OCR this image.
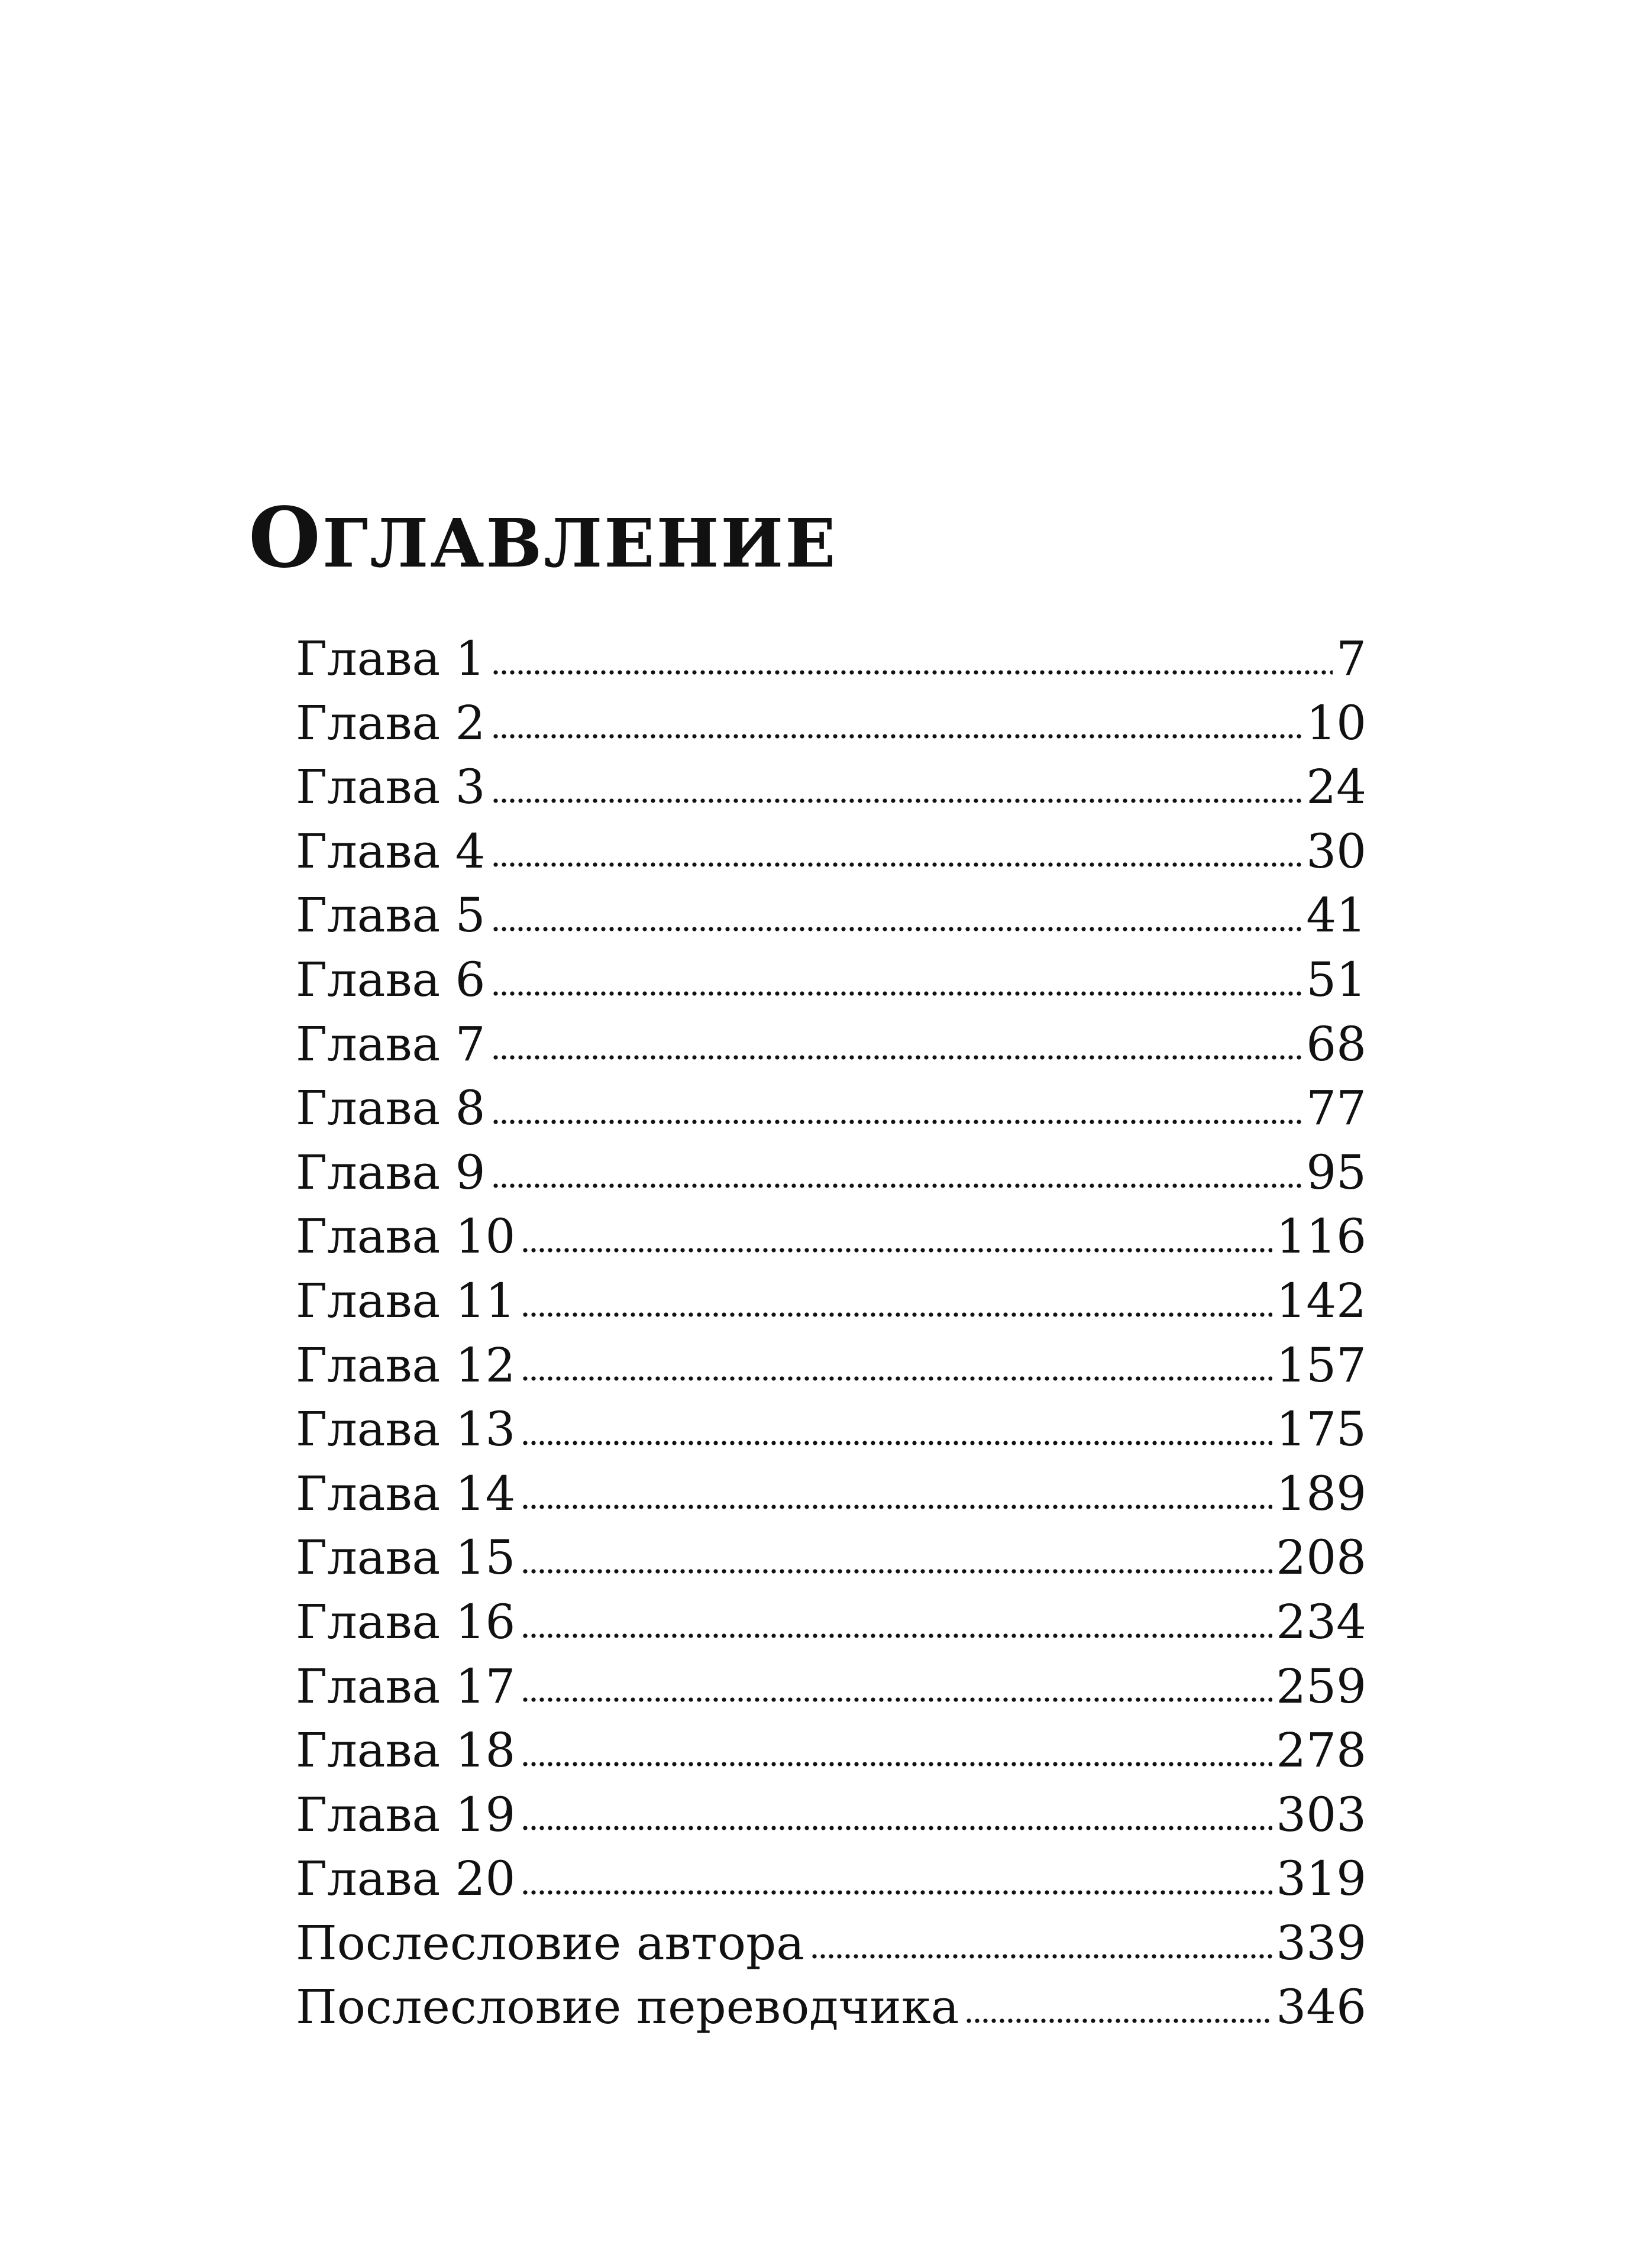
ОГЛАВЛЕНИЕ
Глава 1	7
Глава 2	10
Глава 3	24
Глава 4	30
Глава 5	41
Глава 6	51
Глава 7	68
Глава 8	77
Глава 9	95
Глава 10	116
Глава 11	142
Глава 12	157
Глава 13	175
Глава 14	189
Глава 15	208
Глава 16	234
Глава 17	259
Глава 18	278
Глава 19	303
Глава 20	319
Послесловие автора	339
Послесловие переводчика	346
